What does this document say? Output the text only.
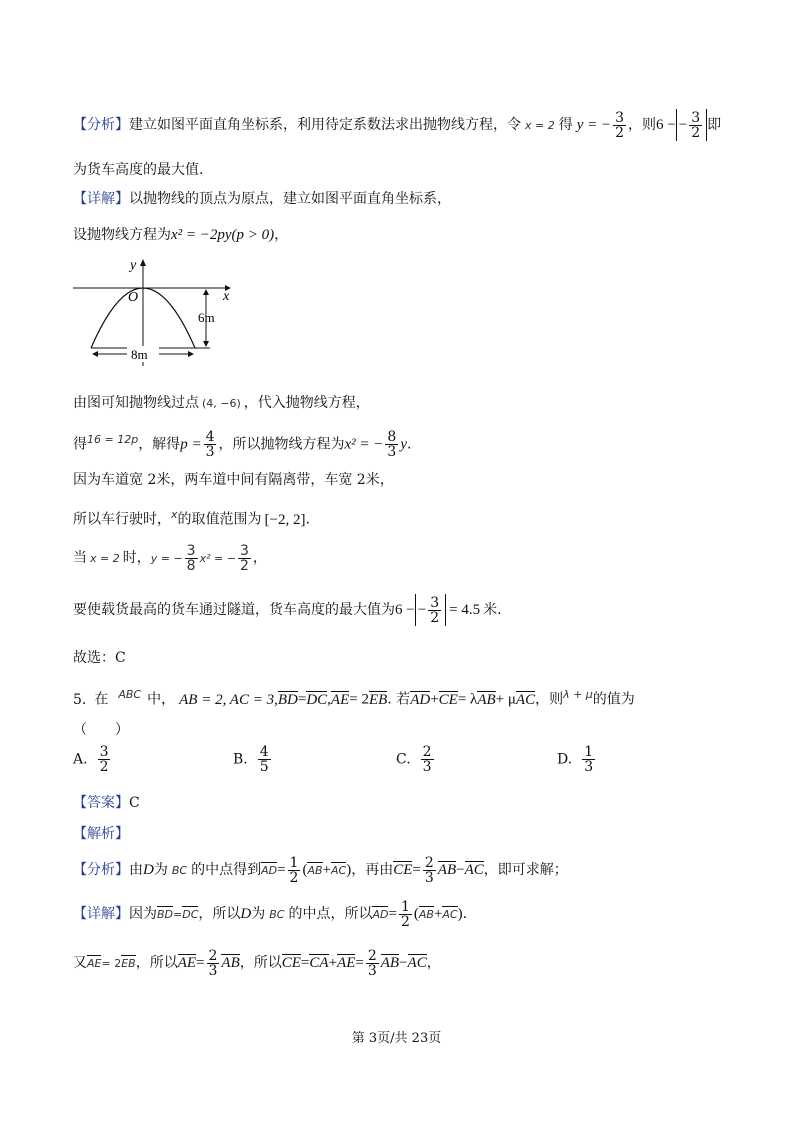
【分析】建立如图平面直角坐标系，利用待定系数法求出抛物线方程，令 x = 2 得 y = − $\frac{3}{2}$ ，则6 − − $\frac{3}{2}$ 即
为货车高度的最大值.
【详解】以抛物线的顶点为原点，建立如图平面直角坐标系，
设抛物线方程为x² = −2py(p > 0)，
y
x
O
6m
8m
由图可知抛物线过点 (4, −6) ，代入抛物线方程，
得$^{16 = 12p}$，解得$p = \frac{4}{3}$ ，所以抛物线方程为x² = − $\frac{8}{3} y$.
因为车道宽 2米，两车道中间有隔离带，车宽 2米，
所以车行驶时，$^x$的取值范围为 [−2, 2].
当 x = 2 时，y = − $\frac{3}{8} x^2$ = − $\frac{3}{2}$ ，
要使载货最高的货车通过隧道，货车高度的最大值为6 − − $\frac{3}{2} = 4.5$ 米.
故选：C
5. 在 $^{ABC}$ 中， AB = 2, AC = 3,BD=DC,AE= 2EB. 若AD+CE= λAB+ μAC，则$^{\lambda + \mu}$的值为
（　　）
A. $\frac{3}{2}$	B. $\frac{4}{5}$	C. $\frac{2}{3}$	D. $\frac{1}{3}$
【答案】C
【解析】
【分析】由D为 BC 的中点得到$AD= \frac{1}{2} (AB+AC)$，再由$CE= \frac{2}{3} AB-AC$，即可求解；
【详解】因为BD=DC，所以D为 BC 的中点，所以$AD= \frac{1}{2} (AB+AC)$.
又AE= 2EB，所以$AE= \frac{2}{3}$ AB，所以$CE=CA+AE= \frac{2}{3} AB-AC$，
第 3页/共 23页
